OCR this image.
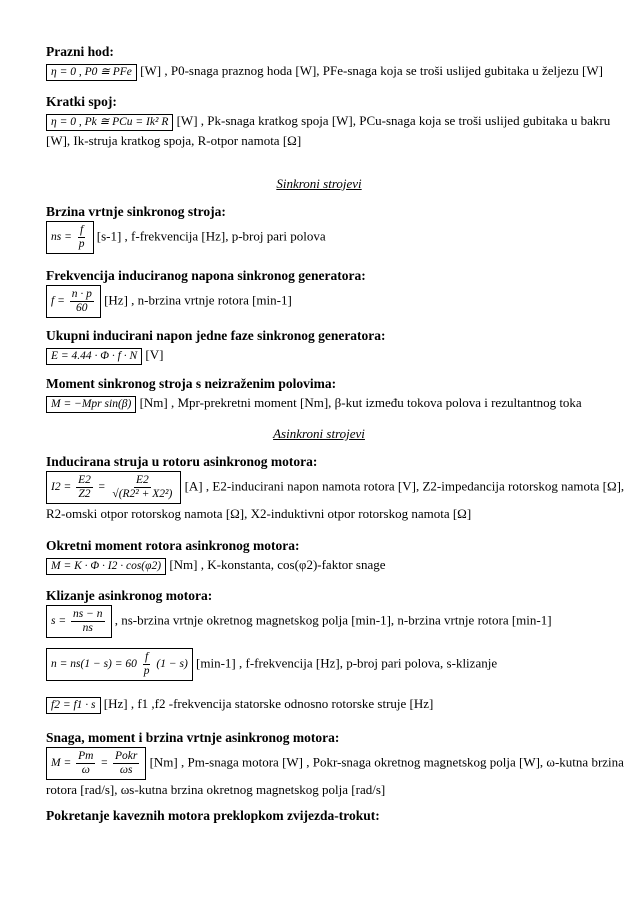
Prazni hod:
η = 0 , P0 ≅ PFe [W] , P0-snaga praznog hoda [W], PFe-snaga koja se troši uslijed gubitaka u željezu [W]
Kratki spoj:
η = 0 , Pk ≅ PCu = Ik² R [W] , Pk-snaga kratkog spoja [W], PCu-snaga koja se troši uslijed gubitaka u bakru
[W], Ik-struja kratkog spoja, R-otpor namota [Ω]
Sinkroni strojevi
Brzina vrtnje sinkronog stroja:
ns = $\frac{f}{p} [s-1]$ , f-frekvencija [Hz], p-broj pari polova
Frekvencija induciranog napona sinkronog generatora:
$f = \frac{n \cdot p}{60} [Hz]$ , n-brzina vrtnje rotora [min-1]
Ukupni inducirani napon jedne faze sinkronog generatora:
E = 4.44 · Φ · f · N [V]
Moment sinkronog stroja s neizraženim polovima:
M = −Mpr sin(β) [Nm] , Mpr-prekretni moment [Nm], β-kut između tokova polova i rezultantnog toka
Asinkroni strojevi
Inducirana struja u rotoru asinkronog motora:
$I2 = \frac{E2}{Z2} = \frac{E2}{\text{√(R2² + X2²)}} [A]$ , E2-inducirani napon namota rotora [V], Z2-impedancija rotorskog namota [Ω],
R2-omski otpor rotorskog namota [Ω], X2-induktivni otpor rotorskog namota [Ω]
Okretni moment rotora asinkronog motora:
M = K · Φ · I2 · cos(φ2) [Nm] , K-konstanta, cos(φ2)-faktor snage
Klizanje asinkronog motora:
$s = \frac{ns - n}{ns}$ , ns-brzina vrtnje okretnog magnetskog polja [min-1], n-brzina vrtnje rotora [min-1]
$n = ns(1 - s) = 60 \frac{f}{p} (1 - s)$ [min-1] , f-frekvencija [Hz], p-broj pari polova, s-klizanje
f2 = f1 · s [Hz] , f1 ,f2 -frekvencija statorske odnosno rotorske struje [Hz]
Snaga, moment i brzina vrtnje asinkronog motora:
$M = \frac{Pm}{\omega} = \frac{\text{Pokr}}{\omega s} [Nm]$ , Pm-snaga motora [W] , Pokr-snaga okretnog magnetskog polja [W], ω-kutna brzina
rotora [rad/s], ωs-kutna brzina okretnog magnetskog polja [rad/s]
Pokretanje kaveznih motora preklopkom zvijezda-trokut:
